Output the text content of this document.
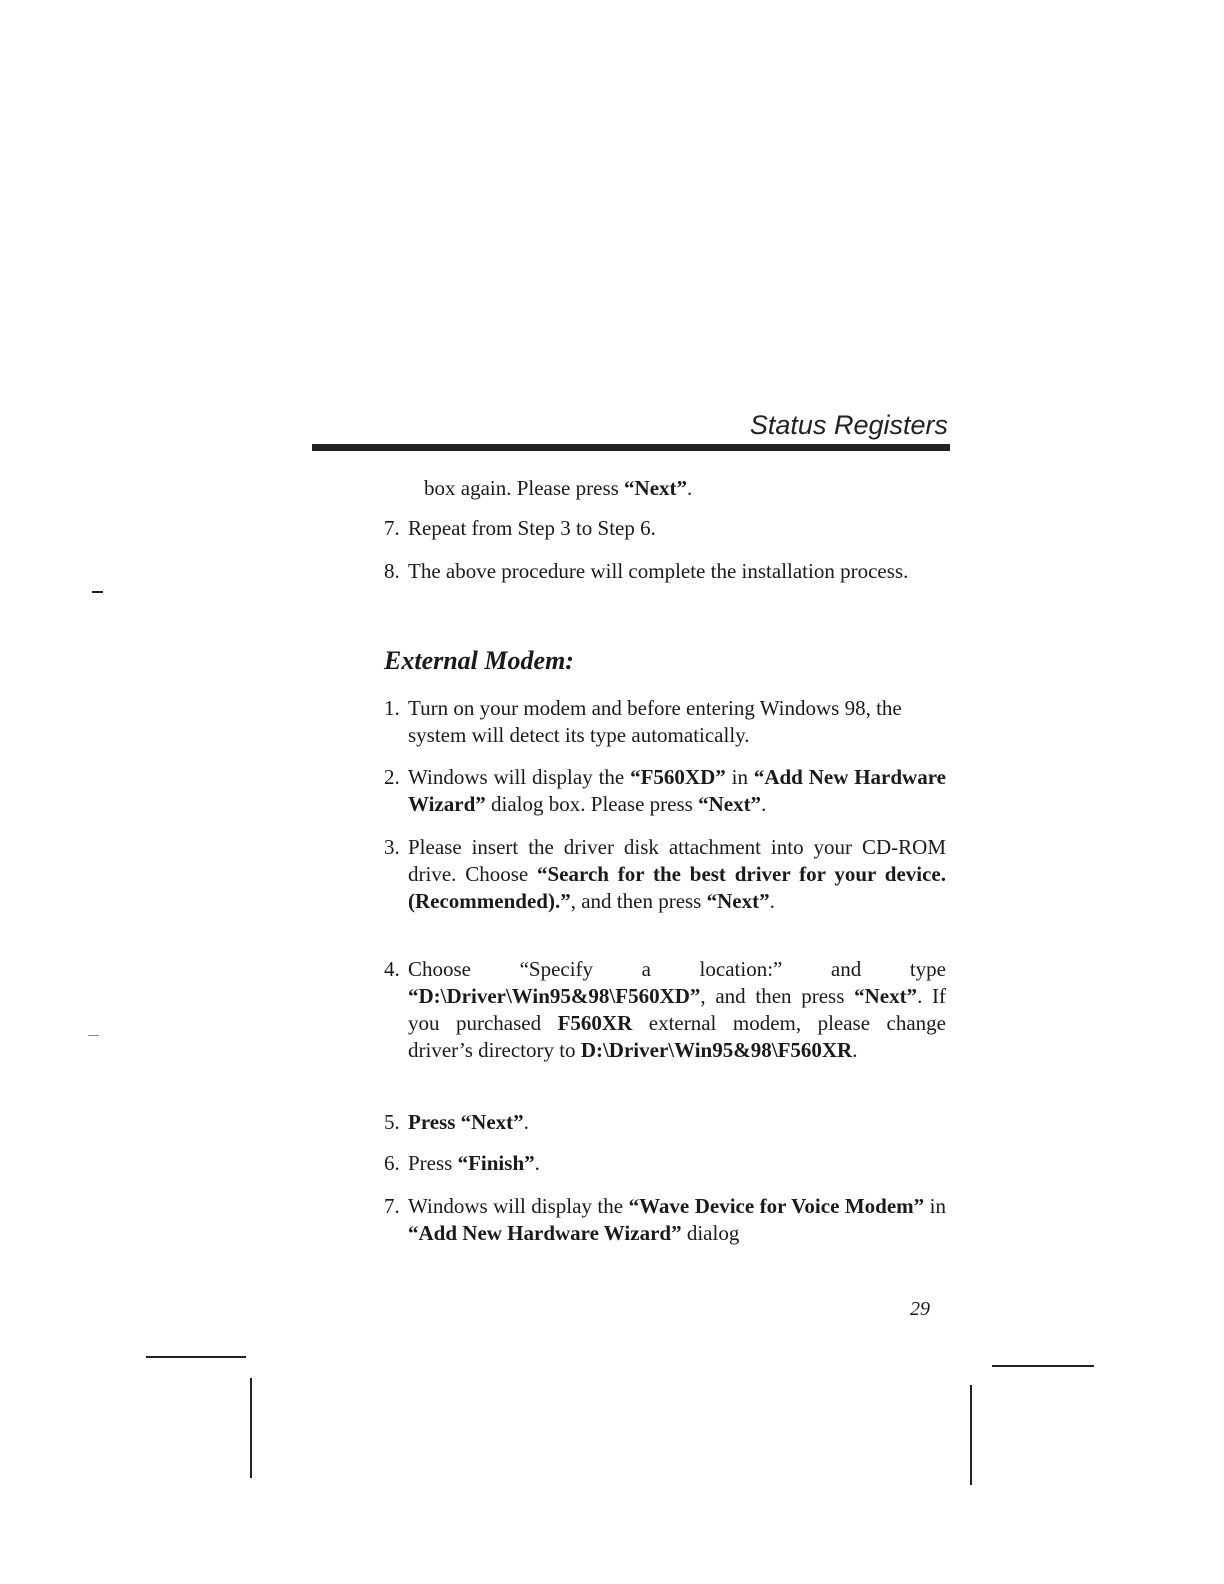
Status Registers
box again. Please press “Next”.
7. Repeat from Step 3 to Step 6.
8. The above procedure will complete the installation process.
External Modem:
1. Turn on your modem and before entering Windows 98, the system will detect its type automatically.
2. Windows will display the “F560XD” in “Add New Hardware Wizard” dialog box. Please press “Next”.
3. Please insert the driver disk attachment into your CD-ROM drive. Choose “Search for the best driver for your device. (Recommended).”, and then press “Next”.
4. Choose “Specify a location:” and type “D:\Driver\Win95&98\F560XD”, and then press “Next”. If you purchased F560XR external modem, please change driver’s directory to D:\Driver\Win95&98\F560XR.
5. Press “Next”.
6. Press “Finish”.
7. Windows will display the “Wave Device for Voice Modem” in “Add New Hardware Wizard” dialog
29
